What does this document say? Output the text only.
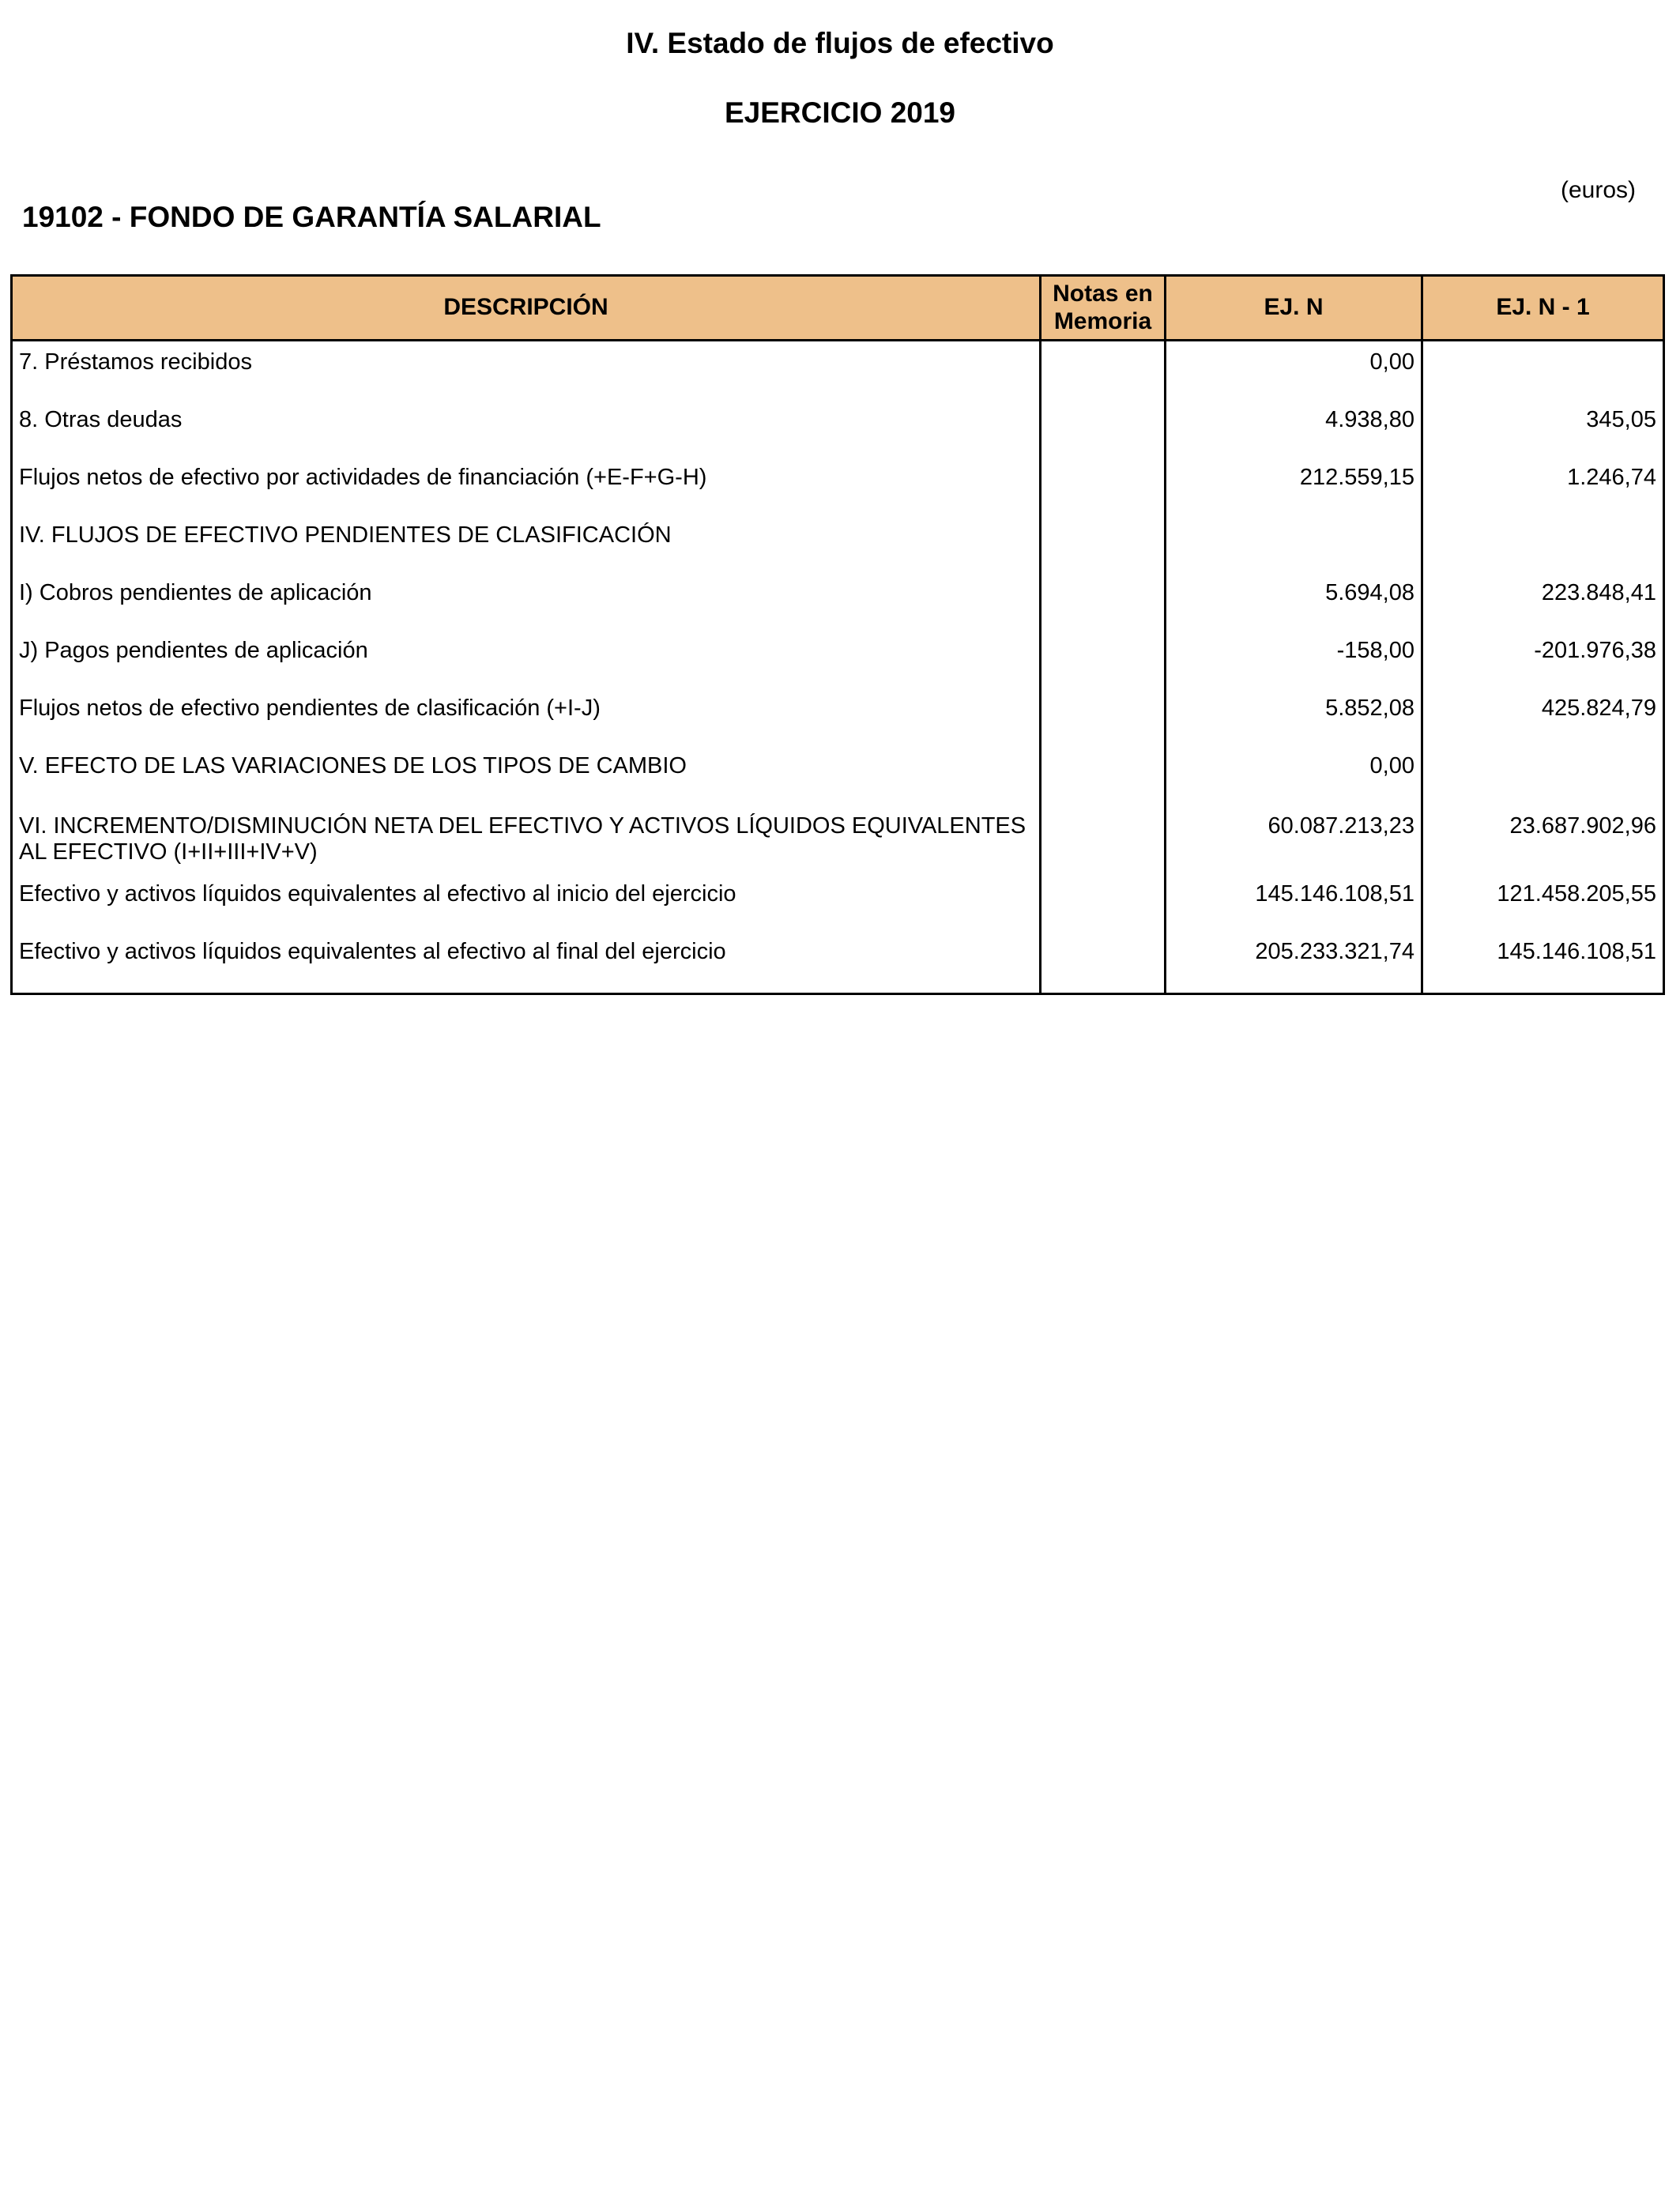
IV. Estado de flujos de efectivo
EJERCICIO 2019
(euros)
19102 - FONDO DE GARANTÍA SALARIAL
DESCRIPCIÓN	Notas en Memoria	EJ. N	EJ. N - 1
7. Préstamos recibidos		0,00	
8. Otras deudas		4.938,80	345,05
Flujos netos de efectivo por actividades de financiación (+E-F+G-H)		212.559,15	1.246,74
IV. FLUJOS DE EFECTIVO PENDIENTES DE CLASIFICACIÓN			
I) Cobros pendientes de aplicación		5.694,08	223.848,41
J) Pagos pendientes de aplicación		-158,00	-201.976,38
Flujos netos de efectivo pendientes de clasificación (+I-J)		5.852,08	425.824,79
V. EFECTO DE LAS VARIACIONES DE LOS TIPOS DE CAMBIO		0,00	
VI. INCREMENTO/DISMINUCIÓN NETA DEL EFECTIVO Y ACTIVOS LÍQUIDOS EQUIVALENTES AL EFECTIVO (I+II+III+IV+V)		60.087.213,23	23.687.902,96
Efectivo y activos líquidos equivalentes al efectivo al inicio del ejercicio		145.146.108,51	121.458.205,55
Efectivo y activos líquidos equivalentes al efectivo al final del ejercicio		205.233.321,74	145.146.108,51
